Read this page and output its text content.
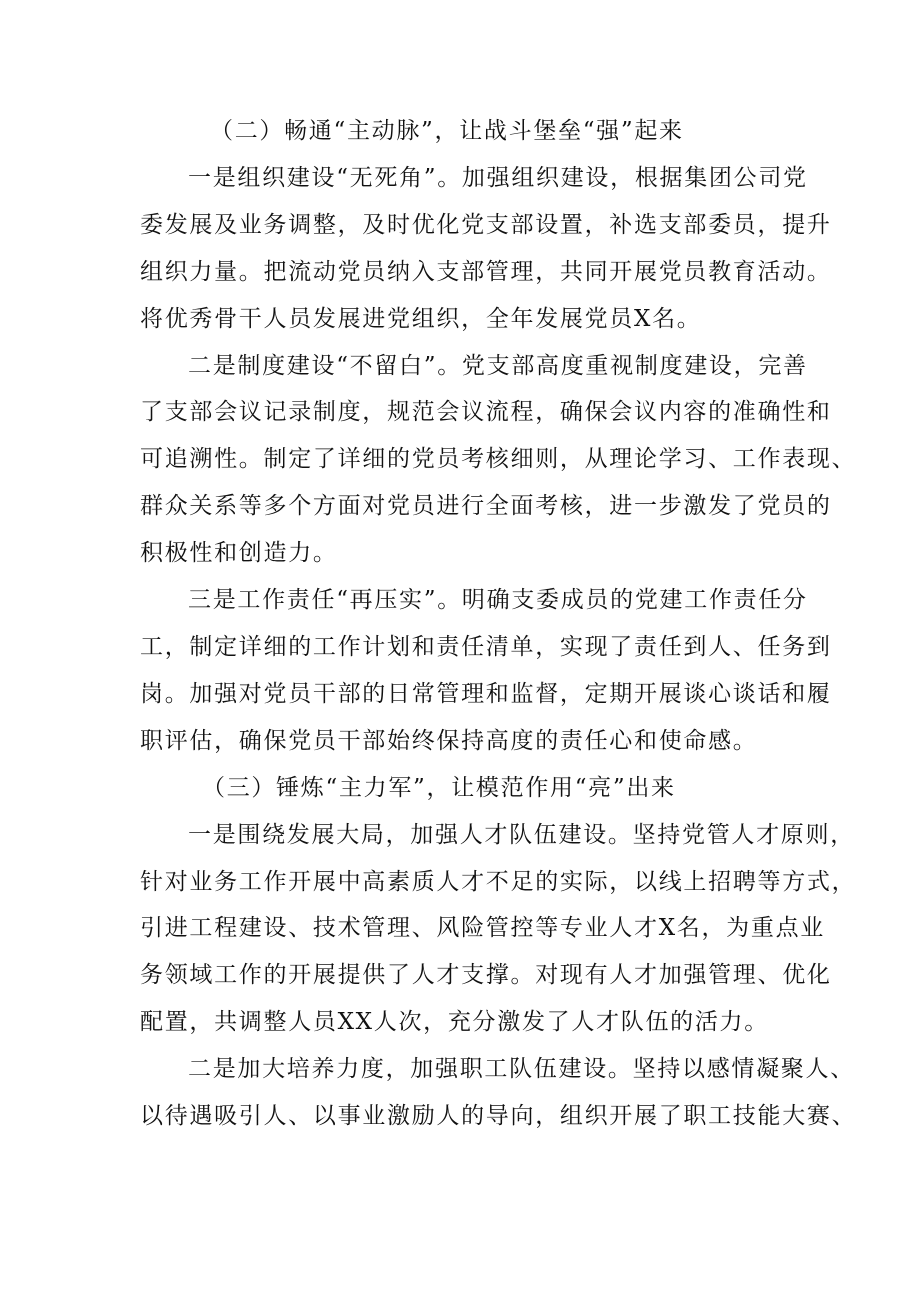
（二）畅通“主动脉”，让战斗堡垒“强”起来
一是组织建设“无死角”。加强组织建设，根据集团公司党
委发展及业务调整，及时优化党支部设置，补选支部委员，提升
组织力量。把流动党员纳入支部管理，共同开展党员教育活动。
将优秀骨干人员发展进党组织，全年发展党员X名。
二是制度建设“不留白”。党支部高度重视制度建设，完善
了支部会议记录制度，规范会议流程，确保会议内容的准确性和
可追溯性。制定了详细的党员考核细则，从理论学习、工作表现、
群众关系等多个方面对党员进行全面考核，进一步激发了党员的
积极性和创造力。
三是工作责任“再压实”。明确支委成员的党建工作责任分
工，制定详细的工作计划和责任清单，实现了责任到人、任务到
岗。加强对党员干部的日常管理和监督，定期开展谈心谈话和履
职评估，确保党员干部始终保持高度的责任心和使命感。
（三）锤炼“主力军”，让模范作用“亮”出来
一是围绕发展大局，加强人才队伍建设。坚持党管人才原则，
针对业务工作开展中高素质人才不足的实际，以线上招聘等方式，
引进工程建设、技术管理、风险管控等专业人才X名，为重点业
务领域工作的开展提供了人才支撑。对现有人才加强管理、优化
配置，共调整人员XX人次，充分激发了人才队伍的活力。
二是加大培养力度，加强职工队伍建设。坚持以感情凝聚人、
以待遇吸引人、以事业激励人的导向，组织开展了职工技能大赛、
